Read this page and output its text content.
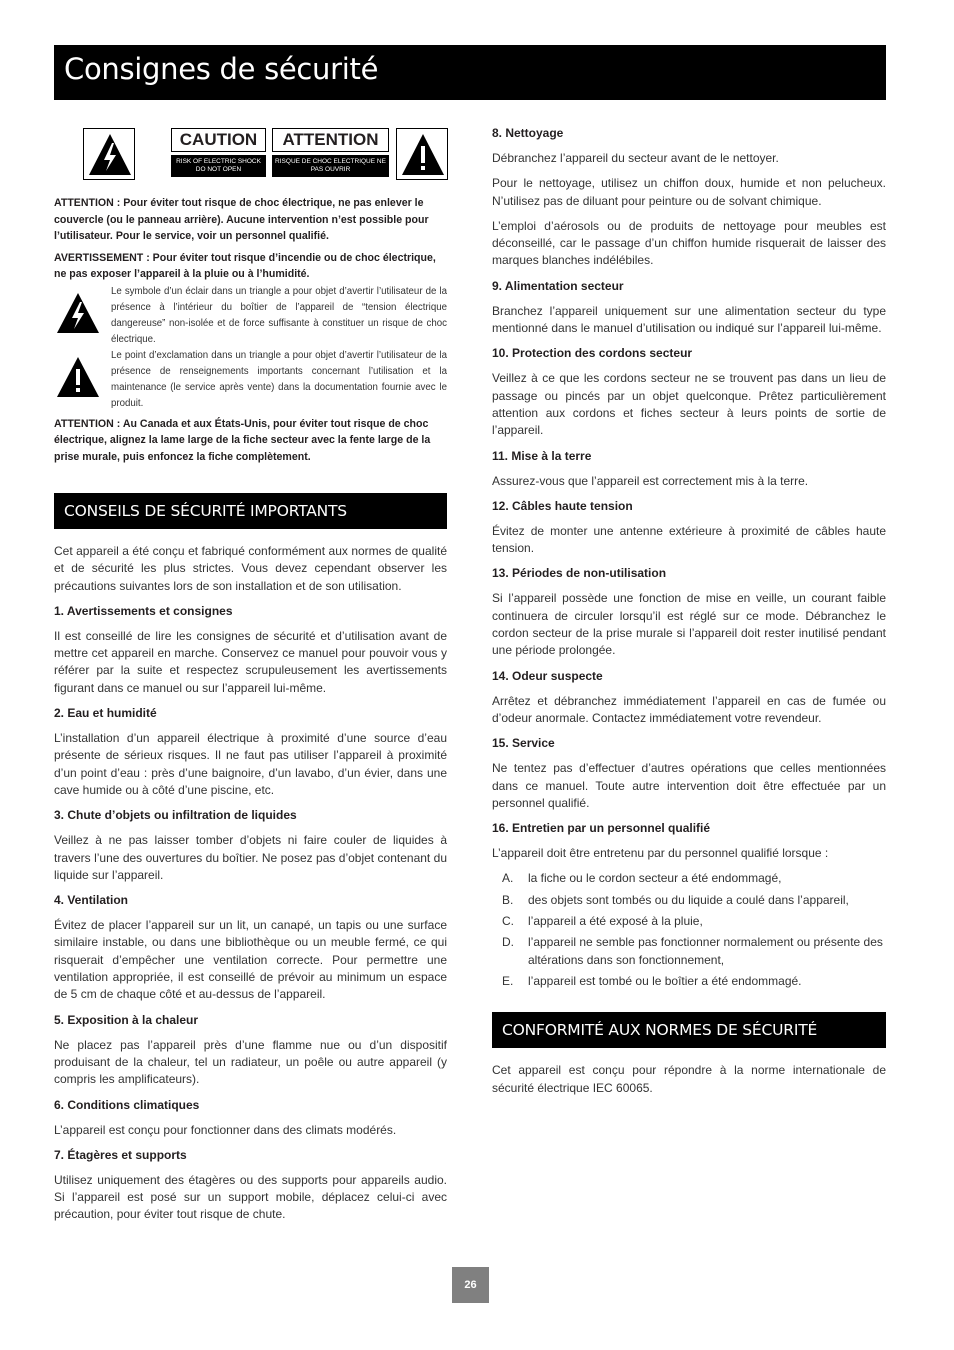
Consignes de sécurité
CAUTION
RISK OF ELECTRIC SHOCK DO NOT OPEN
ATTENTION
RISQUE DE CHOC ELECTRIQUE NE PAS OUVRIR

ATTENTION : Pour éviter tout risque de choc électrique, ne pas enlever le couvercle (ou le panneau arrière). Aucune intervention n’est possible pour l’utilisateur. Pour le service, voir un personnel qualifié.

AVERTISSEMENT : Pour éviter tout risque d’incendie ou de choc électrique, ne pas exposer l’appareil à la pluie ou à l’humidité.

Le symbole d’un éclair dans un triangle a pour objet d’avertir l’utilisateur de la présence à l’intérieur du boîtier de l’appareil de “tension électrique dangereuse” non-isolée et de force suffisante à constituer un risque de choc électrique.

Le point d’exclamation dans un triangle a pour objet d’avertir l’utilisateur de la présence de renseignements importants concernant l’utilisation et la maintenance (le service après vente) dans la documentation fournie avec le produit.

ATTENTION : Au Canada et aux États-Unis, pour éviter tout risque de choc électrique, alignez la lame large de la fiche secteur avec la fente large de la prise murale, puis enfoncez la fiche complètement.

CONSEILS DE SÉCURITÉ IMPORTANTS

Cet appareil a été conçu et fabriqué conformément aux normes de qualité et de sécurité les plus strictes. Vous devez cependant observer les précautions suivantes lors de son installation et de son utilisation.

1. Avertissements et consignes

Il est conseillé de lire les consignes de sécurité et d’utilisation avant de mettre cet appareil en marche. Conservez ce manuel pour pouvoir vous y référer par la suite et respectez scrupuleusement les avertissements figurant dans ce manuel ou sur l’appareil lui-même.

2. Eau et humidité

L’installation d’un appareil électrique à proximité d’une source d’eau présente de sérieux risques. Il ne faut pas utiliser l’appareil à proximité d’un point d’eau : près d’une baignoire, d’un lavabo, d’un évier, dans une cave humide ou à côté d’une piscine, etc.

3. Chute d’objets ou infiltration de liquides

Veillez à ne pas laisser tomber d’objets ni faire couler de liquides à travers l’une des ouvertures du boîtier. Ne posez pas d’objet contenant du liquide sur l’appareil.

4. Ventilation

Évitez de placer l’appareil sur un lit, un canapé, un tapis ou une surface similaire instable, ou dans une bibliothèque ou un meuble fermé, ce qui risquerait d’empêcher une ventilation correcte. Pour permettre une ventilation appropriée, il est conseillé de prévoir au minimum un espace de 5 cm de chaque côté et au-dessus de l’appareil.

5. Exposition à la chaleur

Ne placez pas l’appareil près d’une flamme nue ou d’un dispositif produisant de la chaleur, tel un radiateur, un poêle ou autre appareil (y compris les amplificateurs).

6. Conditions climatiques

L’appareil est conçu pour fonctionner dans des climats modérés.

7. Étagères et supports

Utilisez uniquement des étagères ou des supports pour appareils audio. Si l’appareil est posé sur un support mobile, déplacez celui-ci avec précaution, pour éviter tout risque de chute.

8. Nettoyage

Débranchez l’appareil du secteur avant de le nettoyer.

Pour le nettoyage, utilisez un chiffon doux, humide et non pelucheux. N’utilisez pas de diluant pour peinture ou de solvant chimique.

L’emploi d’aérosols ou de produits de nettoyage pour meubles est déconseillé, car le passage d’un chiffon humide risquerait de laisser des marques blanches indélébiles.

9. Alimentation secteur

Branchez l’appareil uniquement sur une alimentation secteur du type mentionné dans le manuel d’utilisation ou indiqué sur l’appareil lui-même.

10. Protection des cordons secteur

Veillez à ce que les cordons secteur ne se trouvent pas dans un lieu de passage ou pincés par un objet quelconque. Prêtez particulièrement attention aux cordons et fiches secteur à leurs points de sortie de l’appareil.

11. Mise à la terre

Assurez-vous que l’appareil est correctement mis à la terre.

12. Câbles haute tension

Évitez de monter une antenne extérieure à proximité de câbles haute tension.

13. Périodes de non-utilisation

Si l’appareil possède une fonction de mise en veille, un courant faible continuera de circuler lorsqu’il est réglé sur ce mode. Débranchez le cordon secteur de la prise murale si l’appareil doit rester inutilisé pendant une période prolongée.

14. Odeur suspecte

Arrêtez et débranchez immédiatement l’appareil en cas de fumée ou d’odeur anormale. Contactez immédiatement votre revendeur.

15. Service

Ne tentez pas d’effectuer d’autres opérations que celles mentionnées dans ce manuel. Toute autre intervention doit être effectuée par un personnel qualifié.

16. Entretien par un personnel qualifié

L’appareil doit être entretenu par du personnel qualifié lorsque :

A. la fiche ou le cordon secteur a été endommagé,
B. des objets sont tombés ou du liquide a coulé dans l’appareil,
C. l’appareil a été exposé à la pluie,
D. l’appareil ne semble pas fonctionner normalement ou présente des altérations dans son fonctionnement,
E. l’appareil est tombé ou le boîtier a été endommagé.
CONFORMITÉ AUX NORMES DE SÉCURITÉ

Cet appareil est conçu pour répondre à la norme internationale de sécurité électrique IEC 60065.

26
